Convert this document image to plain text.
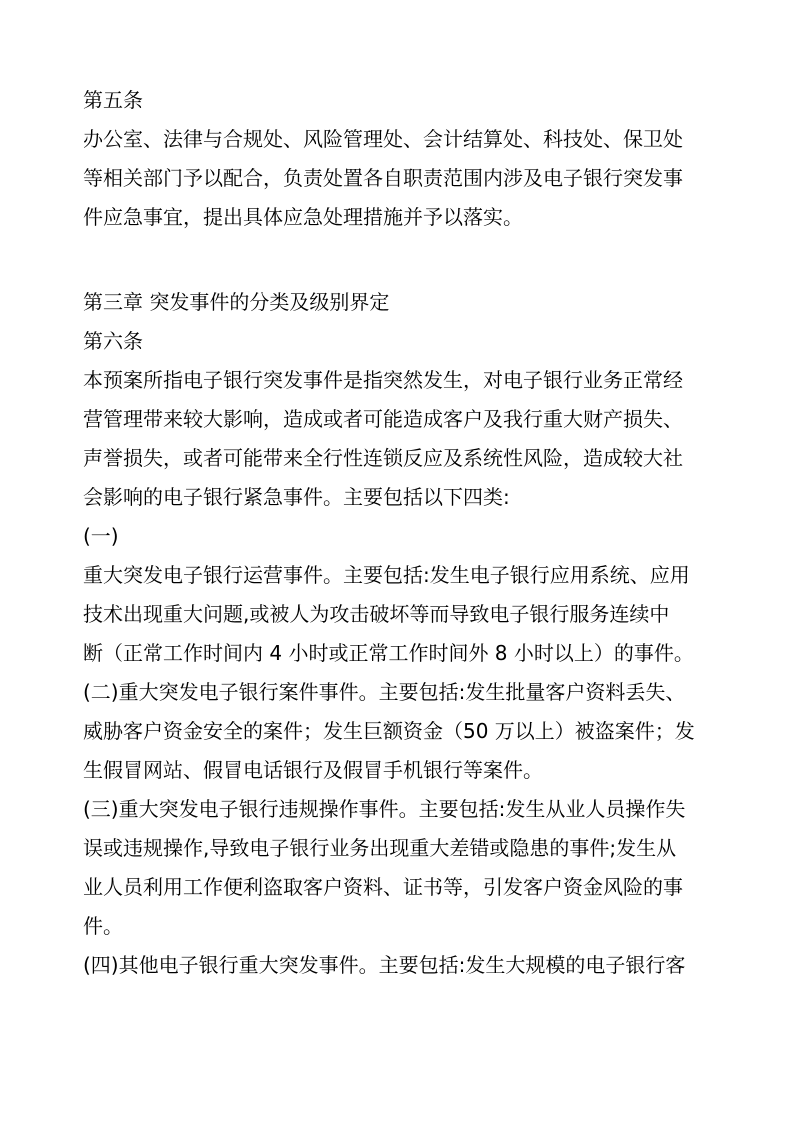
第五条
办公室、法律与合规处、风险管理处、会计结算处、科技处、保卫处
等相关部门予以配合，负责处置各自职责范围内涉及电子银行突发事
件应急事宜，提出具体应急处理措施并予以落实。
第三章 突发事件的分类及级别界定
第六条
本预案所指电子银行突发事件是指突然发生，对电子银行业务正常经
营管理带来较大影响，造成或者可能造成客户及我行重大财产损失、
声誉损失，或者可能带来全行性连锁反应及系统性风险，造成较大社
会影响的电子银行紧急事件。主要包括以下四类:
(一)
重大突发电子银行运营事件。主要包括:发生电子银行应用系统、应用
技术出现重大问题,或被人为攻击破坏等而导致电子银行服务连续中
断（正常工作时间内 4 小时或正常工作时间外 8 小时以上）的事件。
(二)重大突发电子银行案件事件。主要包括:发生批量客户资料丢失、
威胁客户资金安全的案件；发生巨额资金（50 万以上）被盗案件；发
生假冒网站、假冒电话银行及假冒手机银行等案件。
(三)重大突发电子银行违规操作事件。主要包括:发生从业人员操作失
误或违规操作,导致电子银行业务出现重大差错或隐患的事件;发生从
业人员利用工作便利盗取客户资料、证书等，引发客户资金风险的事
件。
(四)其他电子银行重大突发事件。主要包括:发生大规模的电子银行客
